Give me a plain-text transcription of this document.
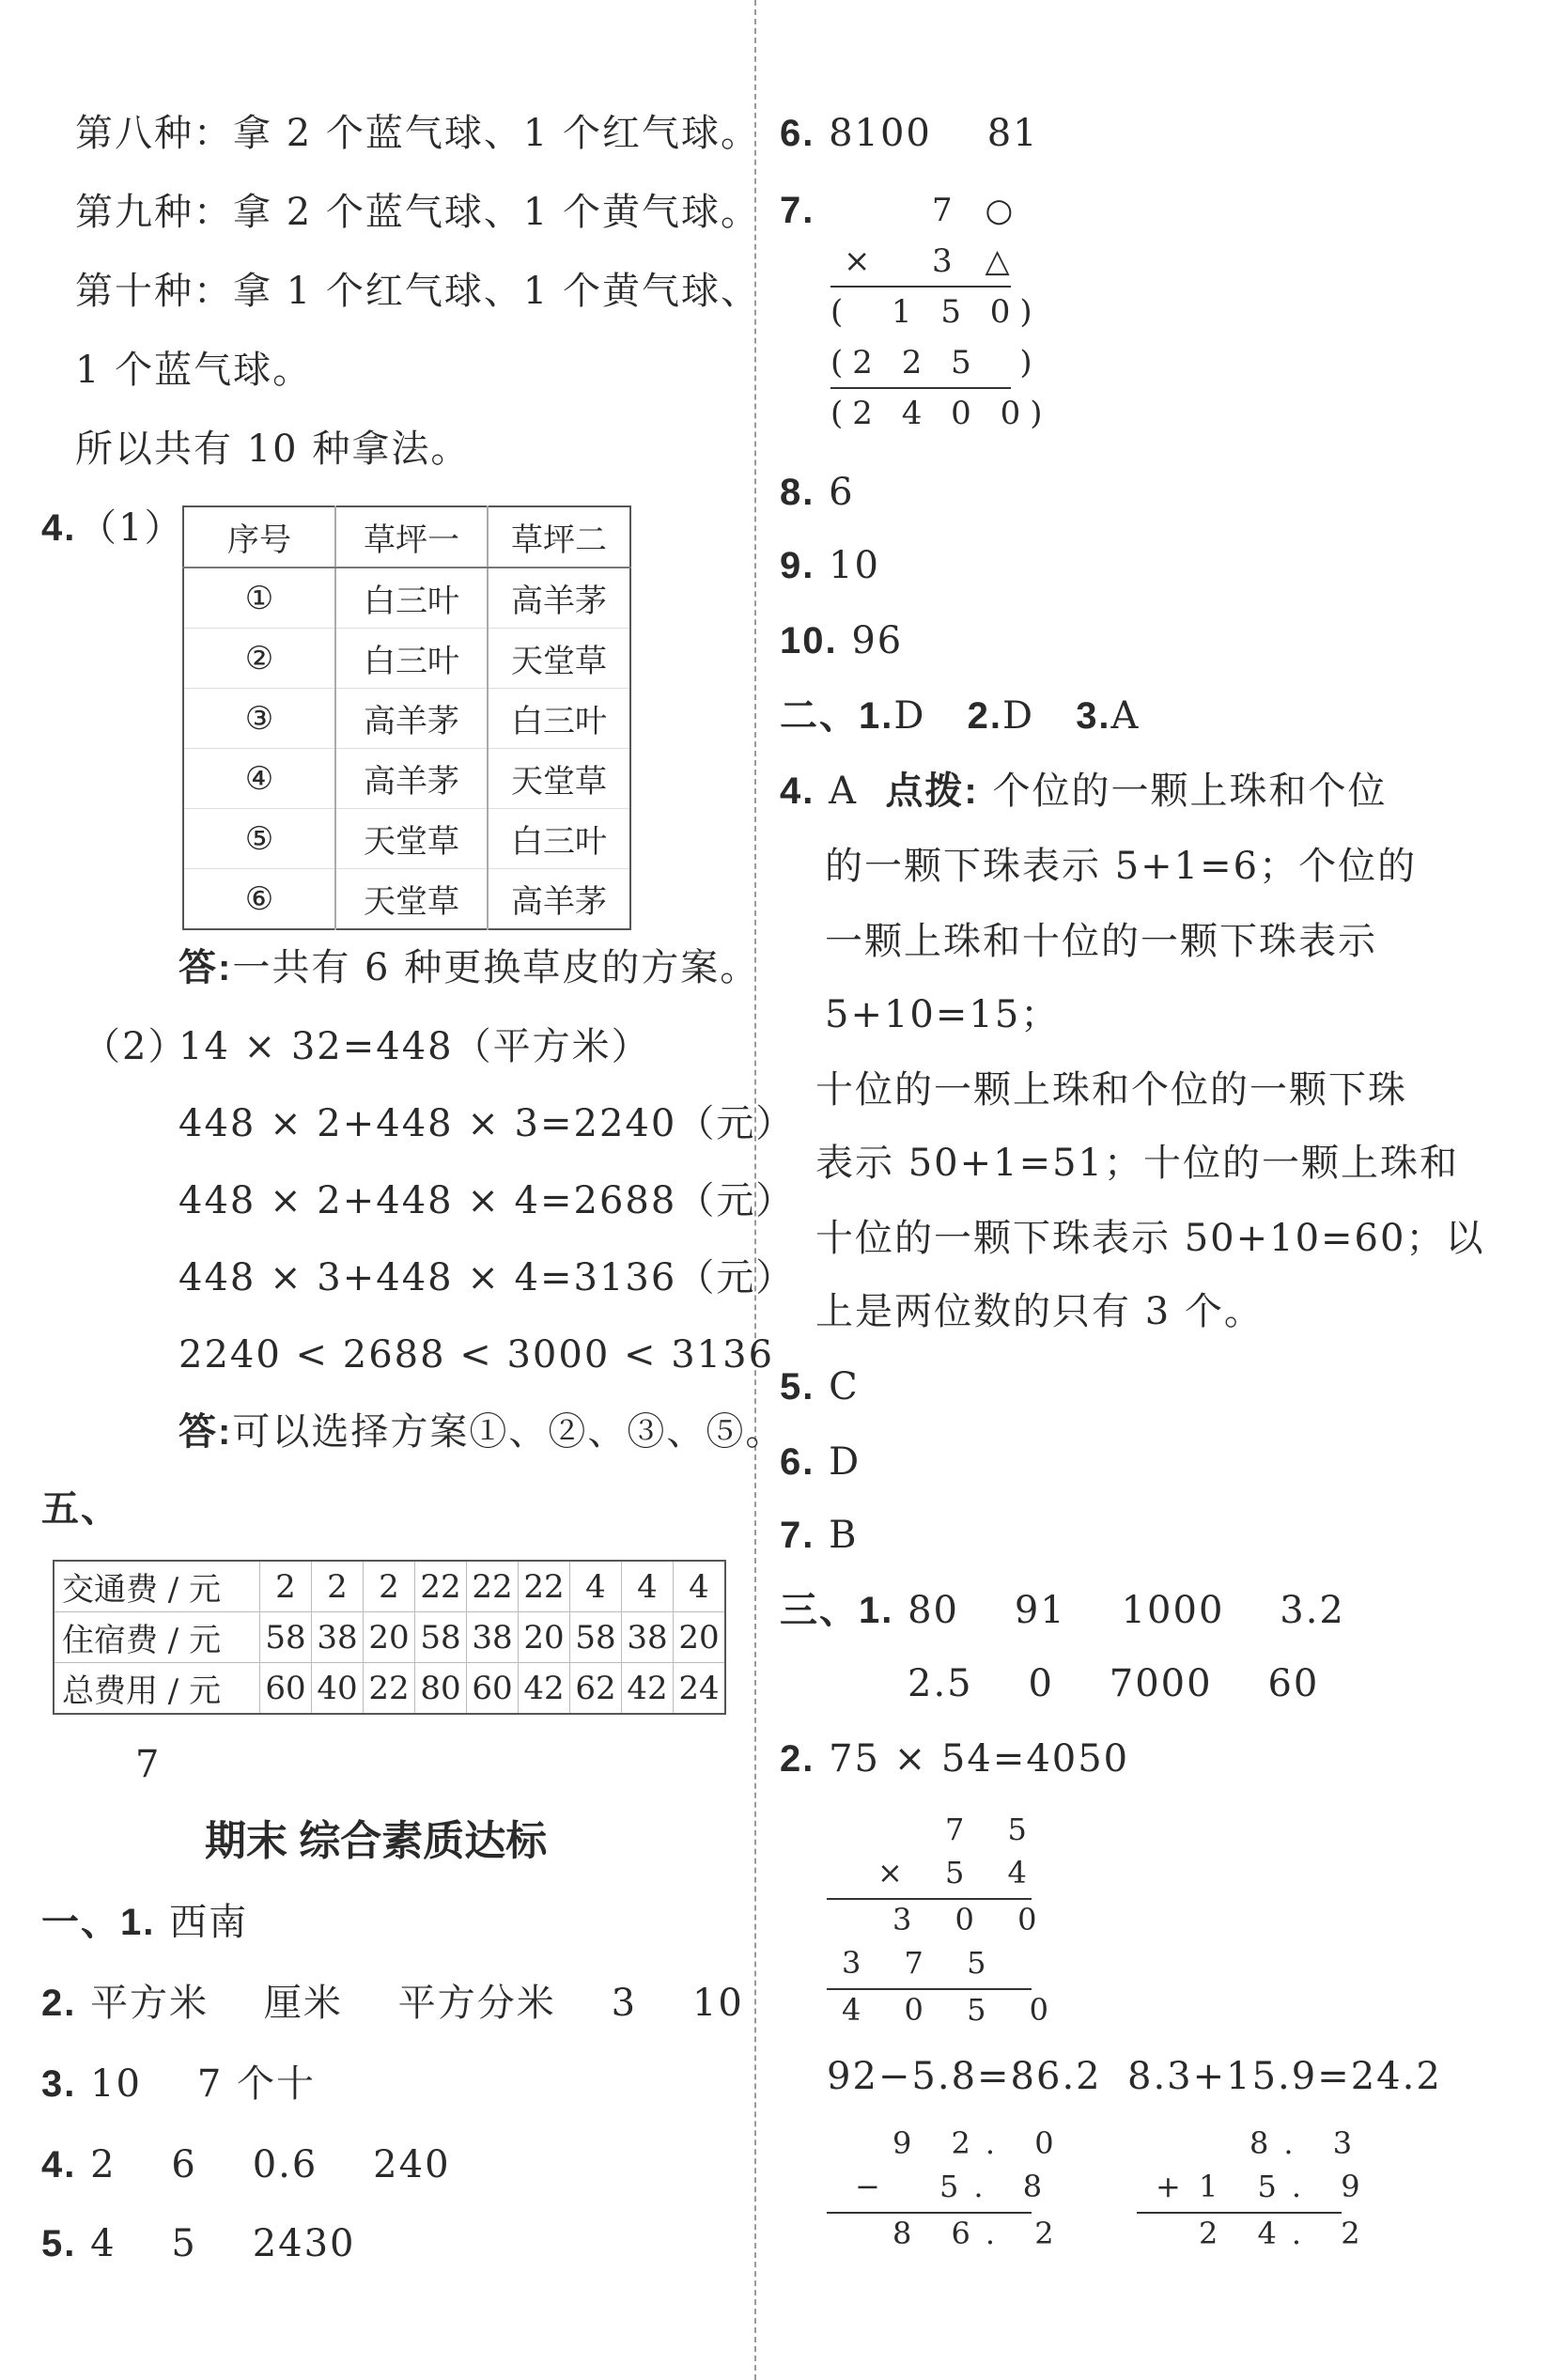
第八种：拿 2 个蓝气球、1 个红气球。
第九种：拿 2 个蓝气球、1 个黄气球。
第十种：拿 1 个红气球、1 个黄气球、
1 个蓝气球。
所以共有 10 种拿法。
4. （1） 序号	草坪一	草坪二
①	白三叶	高羊茅
②	白三叶	天堂草
③	高羊茅	白三叶
④	高羊茅	天堂草
⑤	天堂草	白三叶
⑥	天堂草	高羊茅
答:一共有 6 种更换草皮的方案。
（2）
14 × 32=448（平方米）
448 × 2+448 × 3=2240（元）
448 × 2+448 × 4=2688（元）
448 × 3+448 × 4=3136（元）
2240 < 2688 < 3000 < 3136
答:可以选择方案①、②、③、⑤。
五、
交通费 / 元	2	2	2	22	22	22	4	4	4
住宿费 / 元	58	38	20	58	38	20	58	38	20
总费用 / 元	60	40	22	80	60	42	62	42	24
7
期末 综合素质达标
一、1. 西南
2. 平方米    厘米    平方分米    3    10
3. 10    7 个十
4. 2    6    0.6    240
5. 4    5    2430
6. 8100    81
7.	7 ○
× 3 △
(  1 5 0)
(2 2 5  )
(2 4 0 0)
8. 6
9. 10
10. 96
二、1.D 2.D 3.A
4. A 点拨: 个位的一颗上珠和个位
的一颗下珠表示 5+1=6；个位的
一颗上珠和十位的一颗下珠表示
5+10=15；
十位的一颗上珠和个位的一颗下珠
表示 50+1=51；十位的一颗上珠和
十位的一颗下珠表示 50+10=60；以
上是两位数的只有 3 个。
5. C
6. D
7. B
三、1. 80    91    1000    3.2
2.5    0    7000    60
2. 75 × 54=4050
7 5
× 5 4
3 0 0
3 7 5
4 0 5 0
92−5.8=86.2 8.3+15.9=24.2
9 2. 0
− 5. 8
8 6. 2
8. 3
+ 1 5. 9
2 4. 2
